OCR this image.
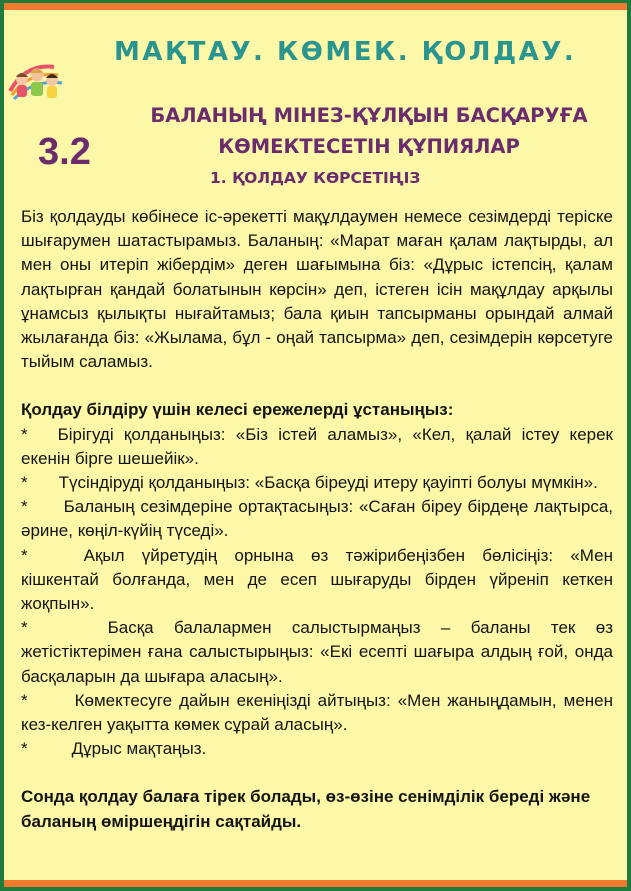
МАҚТАУ. КӨМЕК. ҚОЛДАУ.
3.2
БАЛАНЫҢ МІНЕЗ-ҚҰЛҚЫН БАСҚАРУҒА
КӨМЕКТЕСЕТІН ҚҰПИЯЛАР
1. ҚОЛДАУ КӨРСЕТІҢІЗ

Біз қолдауды көбінесе іс-әрекетті мақұлдаумен немесе сезімдерді теріске шығарумен шатастырамыз. Баланың: «Марат маған қалам лақтырды, ал мен оны итеріп жібердім» деген шағымына біз: «Дұрыс істепсің, қалам лақтырған қандай болатынын көрсін» деп, істеген ісін мақұлдау арқылы ұнамсыз қылықты нығайтамыз; бала қиын тапсырманы орындай алмай жылағанда біз: «Жылама, бұл - оңай тапсырма» деп, сезімдерін көрсетуге тыйым саламыз.

Қолдау білдіру үшін келесі ережелерді ұстаныңыз:

* Бірігуді қолданыңыз: «Біз істей аламыз», «Кел, қалай істеу керек екенін бірге шешейік».

* Түсіндіруді қолданыңыз: «Басқа біреуді итеру қауіпті болуы мүмкін».

* Баланың сезімдеріне ортақтасыңыз: «Саған біреу бірдеңе лақтырса, әрине, көңіл-күйің түседі».

*	Ақыл үйретудің орнына өз тәжірибеңізбен бөлісіңіз: «Мен кішкентай болғанда, мен де есеп шығаруды бірден үйреніп кеткен жоқпын».

*	Басқа балалармен салыстырмаңыз – баланы тек өз жетістіктерімен ғана салыстырыңыз: «Екі есепті шағыра алдың ғой, онда басқаларын да шығара аласың».

*	Көмектесуге дайын екеніңізді айтыңыз: «Мен жаныңдамын, менен кез-келген уақытта көмек сұрай аласың».

*	Дұрыс мақтаңыз.

Сонда қолдау балаға тірек болады, өз-өзіне сенімділік береді және баланың өміршеңдігін сақтайды.
